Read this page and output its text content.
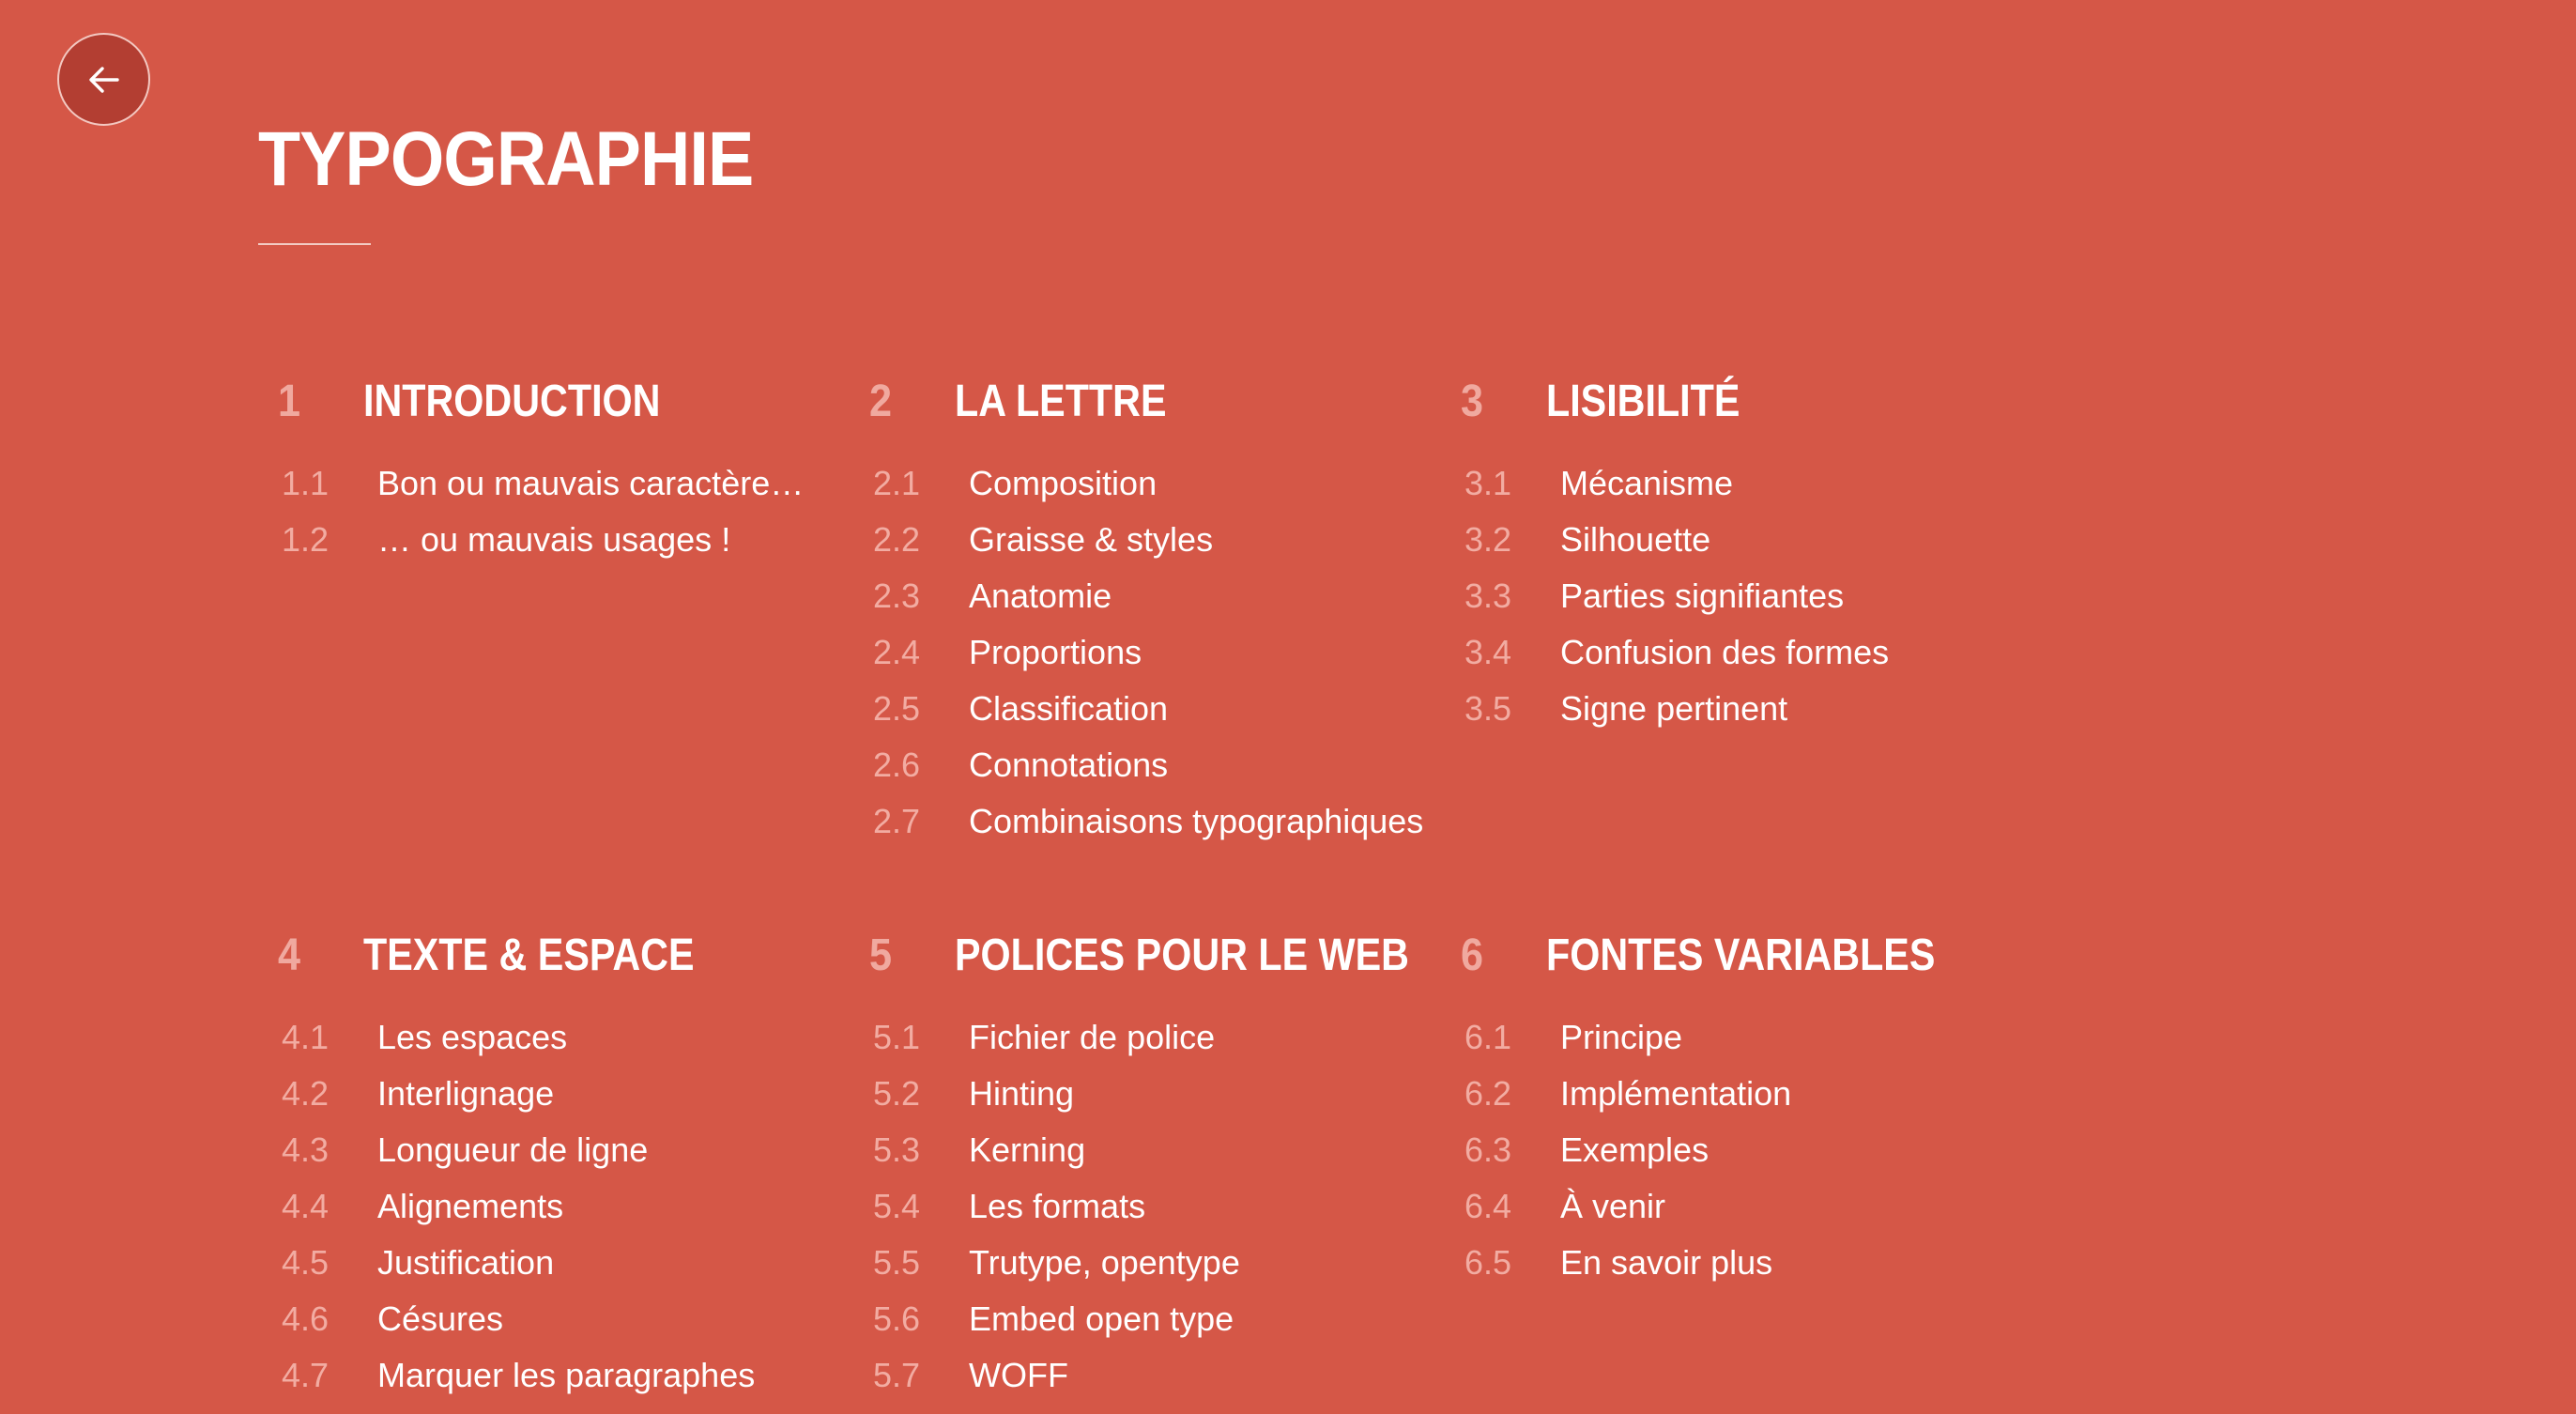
TYPOGRAPHIE
1 INTRODUCTION
1.1 Bon ou mauvais caractère…
1.2 … ou mauvais usages !
2 LA LETTRE
2.1 Composition
2.2 Graisse & styles
2.3 Anatomie
2.4 Proportions
2.5 Classification
2.6 Connotations
2.7 Combinaisons typographiques
3 LISIBILITÉ
3.1 Mécanisme
3.2 Silhouette
3.3 Parties signifiantes
3.4 Confusion des formes
3.5 Signe pertinent
4 TEXTE & ESPACE
4.1 Les espaces
4.2 Interlignage
4.3 Longueur de ligne
4.4 Alignements
4.5 Justification
4.6 Césures
4.7 Marquer les paragraphes
5 POLICES POUR LE WEB
5.1 Fichier de police
5.2 Hinting
5.3 Kerning
5.4 Les formats
5.5 Trutype, opentype
5.6 Embed open type
5.7 WOFF
6 FONTES VARIABLES
6.1 Principe
6.2 Implémentation
6.3 Exemples
6.4 À venir
6.5 En savoir plus
